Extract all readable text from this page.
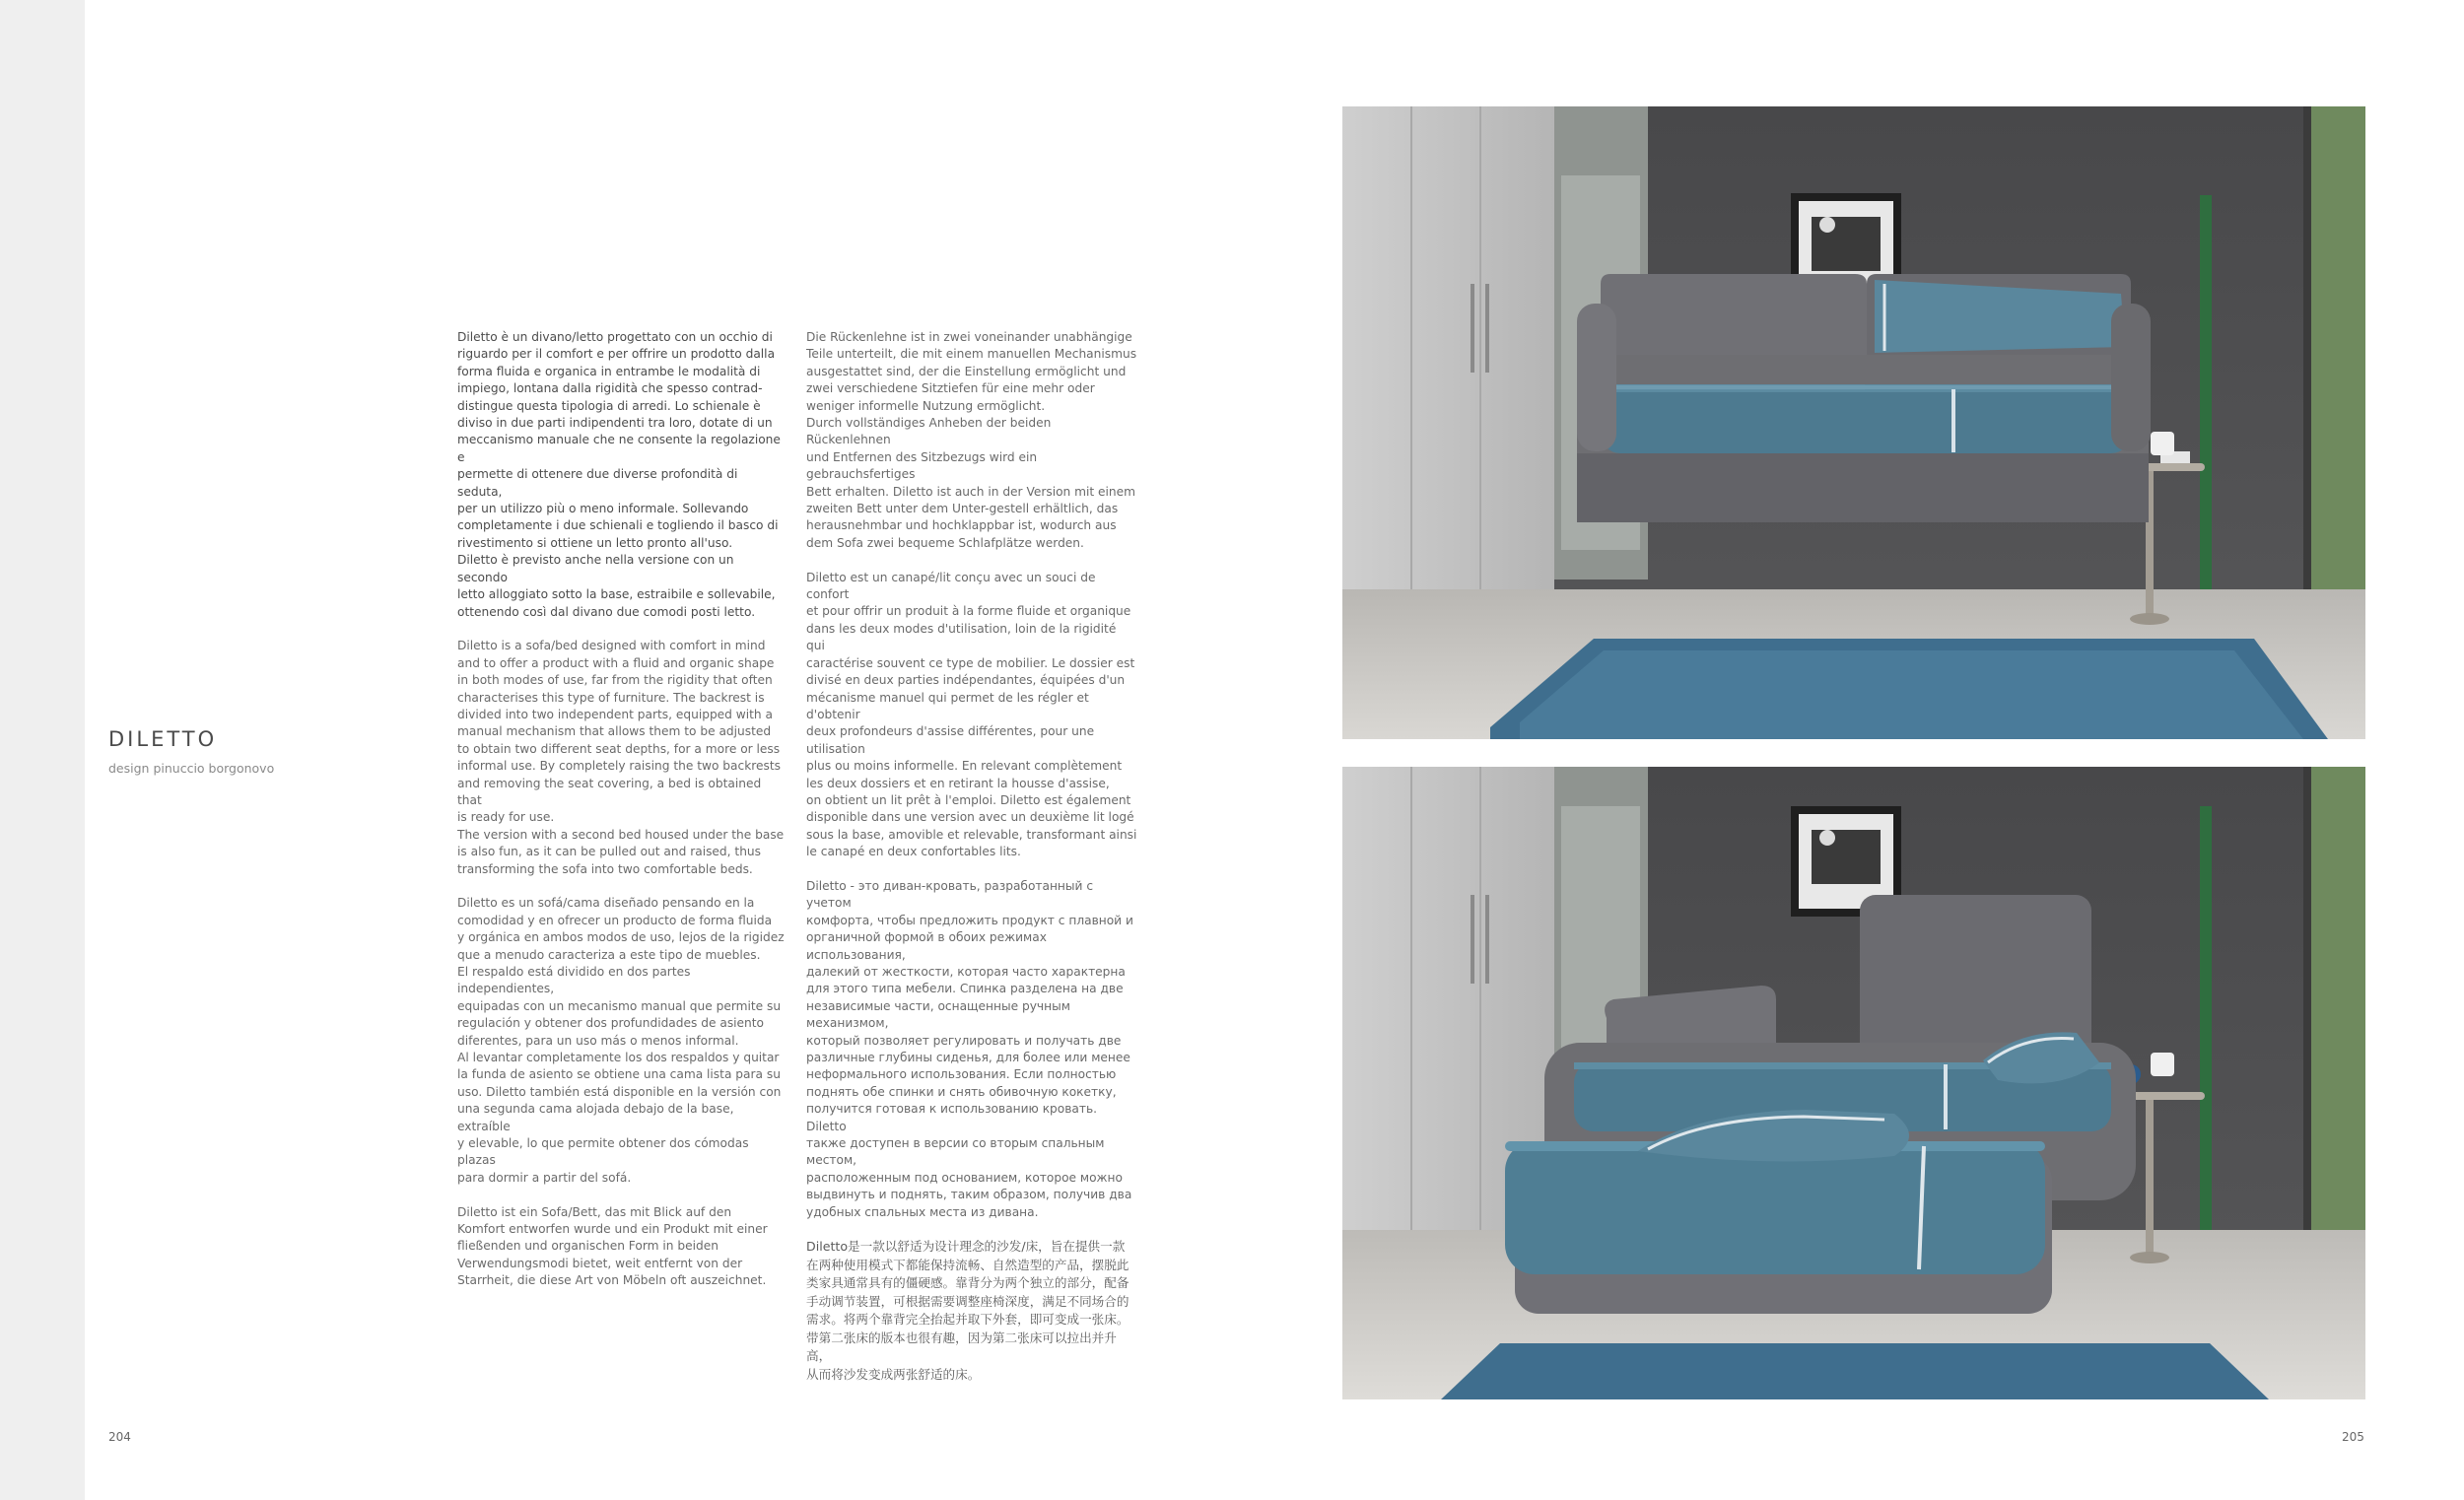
DILETTO
design pinuccio borgonovo

Diletto è un divano/letto progettato con un occhio di
riguardo per il comfort e per offrire un prodotto dalla
forma fluida e organica in entrambe le modalità di
impiego, lontana dalla rigidità che spesso contrad-
distingue questa tipologia di arredi. Lo schienale è
diviso in due parti indipendenti tra loro, dotate di un
meccanismo manuale che ne consente la regolazione e
permette di ottenere due diverse profondità di seduta,
per un utilizzo più o meno informale. Sollevando
completamente i due schienali e togliendo il basco di
rivestimento si ottiene un letto pronto all'uso.
Diletto è previsto anche nella versione con un secondo
letto alloggiato sotto la base, estraibile e sollevabile,
ottenendo così dal divano due comodi posti letto.

Diletto is a sofa/bed designed with comfort in mind
and to offer a product with a fluid and organic shape
in both modes of use, far from the rigidity that often
characterises this type of furniture. The backrest is
divided into two independent parts, equipped with a
manual mechanism that allows them to be adjusted
to obtain two different seat depths, for a more or less
informal use. By completely raising the two backrests
and removing the seat covering, a bed is obtained that
is ready for use.
The version with a second bed housed under the base
is also fun, as it can be pulled out and raised, thus
transforming the sofa into two comfortable beds.

Diletto es un sofá/cama diseñado pensando en la
comodidad y en ofrecer un producto de forma fluida
y orgánica en ambos modos de uso, lejos de la rigidez
que a menudo caracteriza a este tipo de muebles.
El respaldo está dividido en dos partes independientes,
equipadas con un mecanismo manual que permite su
regulación y obtener dos profundidades de asiento
diferentes, para un uso más o menos informal.
Al levantar completamente los dos respaldos y quitar
la funda de asiento se obtiene una cama lista para su
uso. Diletto también está disponible en la versión con
una segunda cama alojada debajo de la base, extraíble
y elevable, lo que permite obtener dos cómodas plazas
para dormir a partir del sofá.

Diletto ist ein Sofa/Bett, das mit Blick auf den
Komfort entworfen wurde und ein Produkt mit einer
fließenden und organischen Form in beiden
Verwendungsmodi bietet, weit entfernt von der
Starrheit, die diese Art von Möbeln oft auszeichnet.

Die Rückenlehne ist in zwei voneinander unabhängige
Teile unterteilt, die mit einem manuellen Mechanismus
ausgestattet sind, der die Einstellung ermöglicht und
zwei verschiedene Sitztiefen für eine mehr oder
weniger informelle Nutzung ermöglicht.
Durch vollständiges Anheben der beiden Rückenlehnen
und Entfernen des Sitzbezugs wird ein gebrauchsfertiges
Bett erhalten. Diletto ist auch in der Version mit einem
zweiten Bett unter dem Unter-gestell erhältlich, das
herausnehmbar und hochklappbar ist, wodurch aus
dem Sofa zwei bequeme Schlafplätze werden.

Diletto est un canapé/lit conçu avec un souci de confort
et pour offrir un produit à la forme fluide et organique
dans les deux modes d'utilisation, loin de la rigidité qui
caractérise souvent ce type de mobilier. Le dossier est
divisé en deux parties indépendantes, équipées d'un
mécanisme manuel qui permet de les régler et d'obtenir
deux profondeurs d'assise différentes, pour une utilisation
plus ou moins informelle. En relevant complètement
les deux dossiers et en retirant la housse d'assise,
on obtient un lit prêt à l'emploi. Diletto est également
disponible dans une version avec un deuxième lit logé
sous la base, amovible et relevable, transformant ainsi
le canapé en deux confortables lits.

Diletto - это диван-кровать, разработанный с учетом
комфорта, чтобы предложить продукт с плавной и
органичной формой в обоих режимах использования,
далекий от жесткости, которая часто характерна
для этого типа мебели. Спинка разделена на две
независимые части, оснащенные ручным механизмом,
который позволяет регулировать и получать две
различные глубины сиденья, для более или менее
неформального использования. Если полностью
поднять обе спинки и снять обивочную кокетку,
получится готовая к использованию кровать. Diletto
также доступен в версии со вторым спальным местом,
расположенным под основанием, которое можно
выдвинуть и поднять, таким образом, получив два
удобных спальных места из дивана.

Diletto是一款以舒适为设计理念的沙发/床，旨在提供一款
在两种使用模式下都能保持流畅、自然造型的产品，摆脱此
类家具通常具有的僵硬感。靠背分为两个独立的部分，配备
手动调节装置，可根据需要调整座椅深度，满足不同场合的
需求。将两个靠背完全抬起并取下外套，即可变成一张床。
带第二张床的版本也很有趣，因为第二张床可以拉出并升高，
从而将沙发变成两张舒适的床。

204	205
